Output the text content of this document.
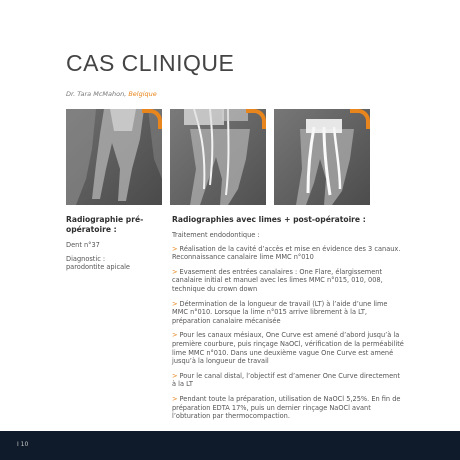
CAS CLINIQUE
Dr. Tara McMahon, Belgique

Radiographie pré-opératoire :

Dent n°37

Diagnostic :
parodontite apicale

Radiographies avec limes + post-opératoire :

Traitement endodontique :

> Réalisation de la cavité d’accès et mise en évidence des 3 canaux. Reconnaissance canalaire lime MMC n°010
> Evasement des entrées canalaires : One Flare, élargissement canalaire initial et manuel avec les limes MMC n°015, 010, 008, technique du crown down
> Détermination de la longueur de travail (LT) à l’aide d’une lime MMC n°010. Lorsque la lime n°015 arrive librement à la LT, préparation canalaire mécanisée
> Pour les canaux mésiaux, One Curve est amené d’abord jusqu’à la première courbure, puis rinçage NaOCl, vérification de la perméabilité lime MMC n°010. Dans une deuxième vague One Curve est amené jusqu’à la longueur de travail
> Pour le canal distal, l’objectif est d’amener One Curve directement à la LT
> Pendant toute la préparation, utilisation de NaOCl 5,25%. En fin de préparation EDTA 17%, puis un dernier rinçage NaOCl avant l’obturation par thermocompaction.
I 10
